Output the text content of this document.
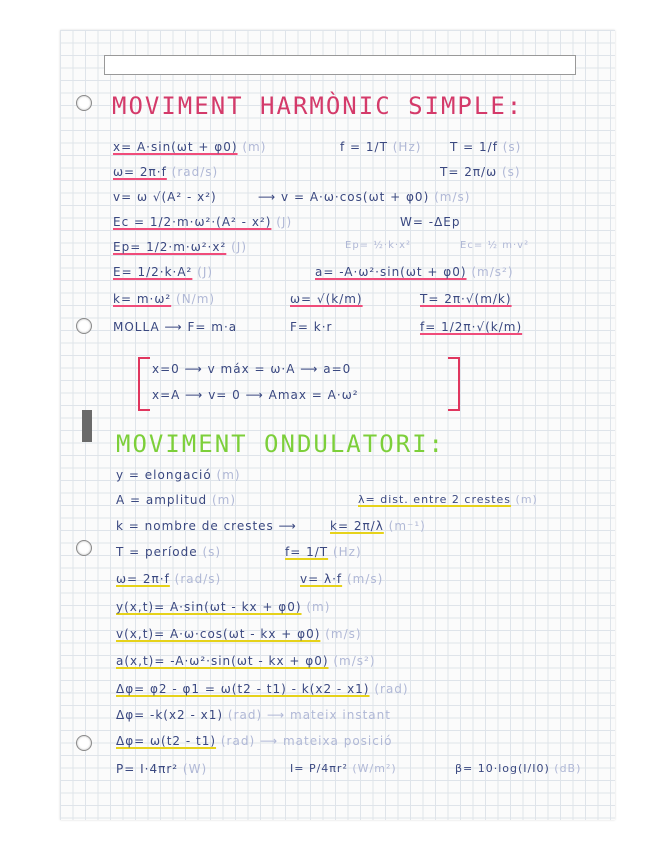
MOVIMENT HARMÒNIC SIMPLE:
x= A·sin(ωt + φ0) (m)	f = 1/T (Hz) T = 1/f (s)
ω= 2π·f (rad/s)	T= 2π/ω (s)
v= ω √(A² - x²)	⟶ v = A·ω·cos(ωt + φ0) (m/s)
Ec = 1/2·m·ω²·(A² - x²) (J)	W= -ΔEp
Ep= 1/2·m·ω²·x² (J)	Ep= ½·k·x²	Ec= ½ m·v²
E= 1/2·k·A² (J)	a= -A·ω²·sin(ωt + φ0) (m/s²)
k= m·ω² (N/m)	ω= √(k/m)	T= 2π·√(m/k)
MOLLA ⟶ F= m·a	F= k·r	f= 1/2π·√(k/m)
x=0 ⟶ v máx = ω·A ⟶ a=0
x=A ⟶ v= 0 ⟶ Amax = A·ω²
MOVIMENT ONDULATORI:
y = elongació (m)
A = amplitud (m)	λ= dist. entre 2 crestes (m)
k = nombre de crestes ⟶	k= 2π/λ (m⁻¹)
T = període (s)	f= 1/T (Hz)
ω= 2π·f (rad/s)	v= λ·f (m/s)
y(x,t)= A·sin(ωt - kx + φ0) (m)
v(x,t)= A·ω·cos(ωt - kx + φ0) (m/s)
a(x,t)= -A·ω²·sin(ωt - kx + φ0) (m/s²)
Δφ= φ2 - φ1 = ω(t2 - t1) - k(x2 - x1) (rad)
Δφ= -k(x2 - x1) (rad) ⟶ mateix instant
Δφ= ω(t2 - t1) (rad) ⟶ mateixa posició
P= I·4πr² (W)	I= P/4πr² (W/m²)	β= 10·log(I/I0) (dB)
